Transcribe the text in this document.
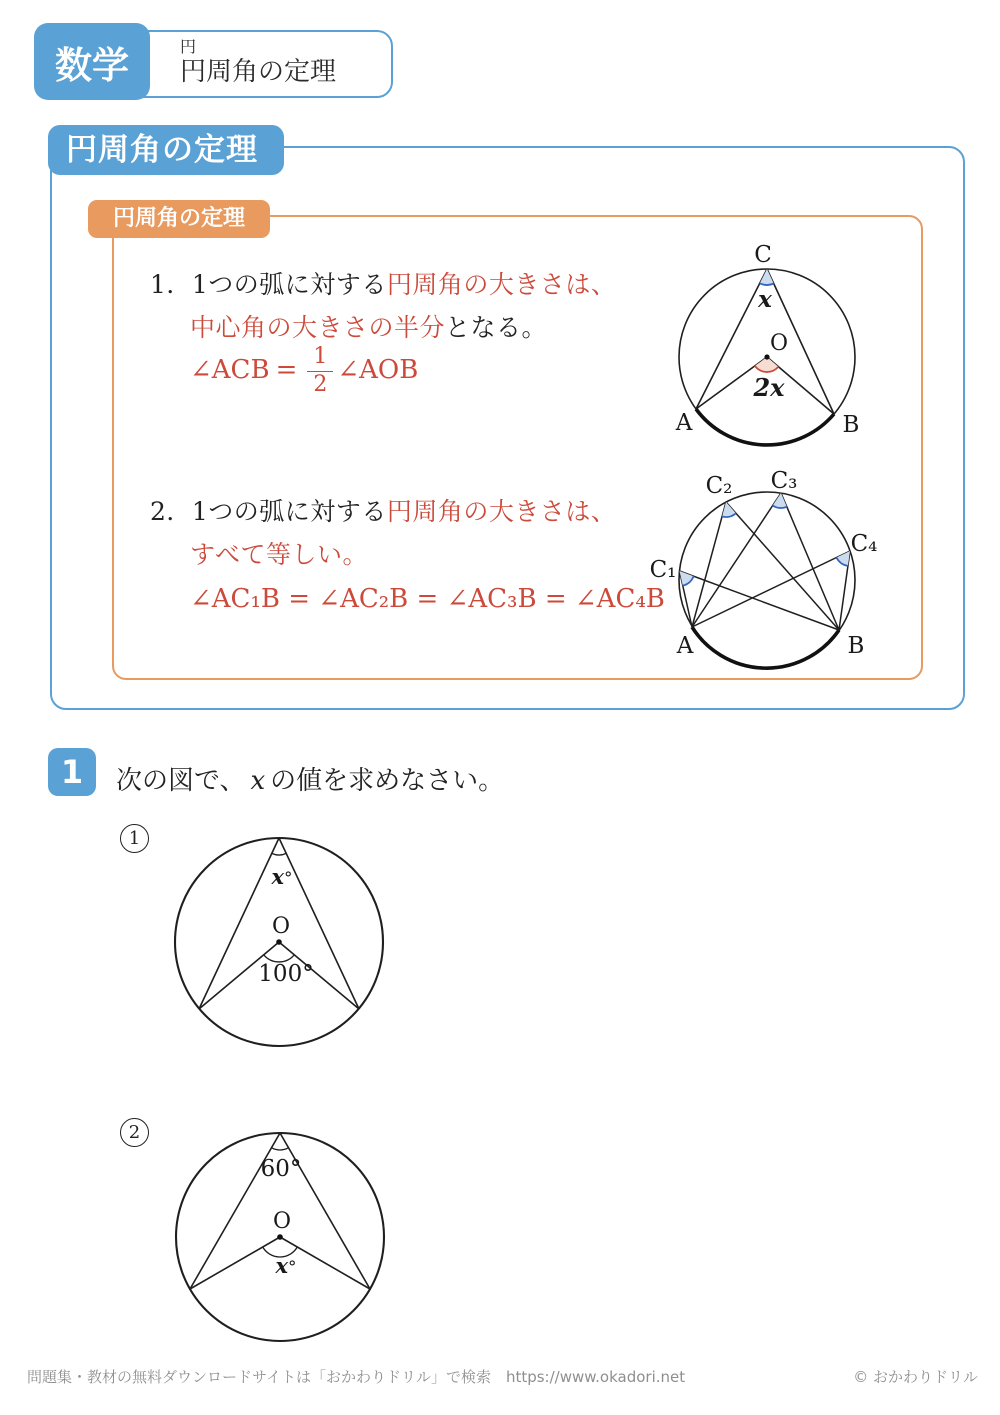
数学	円
円周角の定理
円周角の定理
円周角の定理
1．1つの弧に対する円周角の大きさは、
中心角の大きさの半分となる。
∠ACB = $\frac{1}{2}$ ∠AOB
C
O
A	B
x
2x
2．1つの弧に対する円周角の大きさは、
すべて等しい。
∠AC₁B = ∠AC₂B = ∠AC₃B = ∠AC₄B
C₁
C₂ C₃
C₄
A	B
1 次の図で、 x の値を求めなさい。
1
O
x°
100°
2
60°
O
x°
問題集・教材の無料ダウンロードサイトは「おかわりドリル」で検索　https://www.okadori.net	© おかわりドリル
